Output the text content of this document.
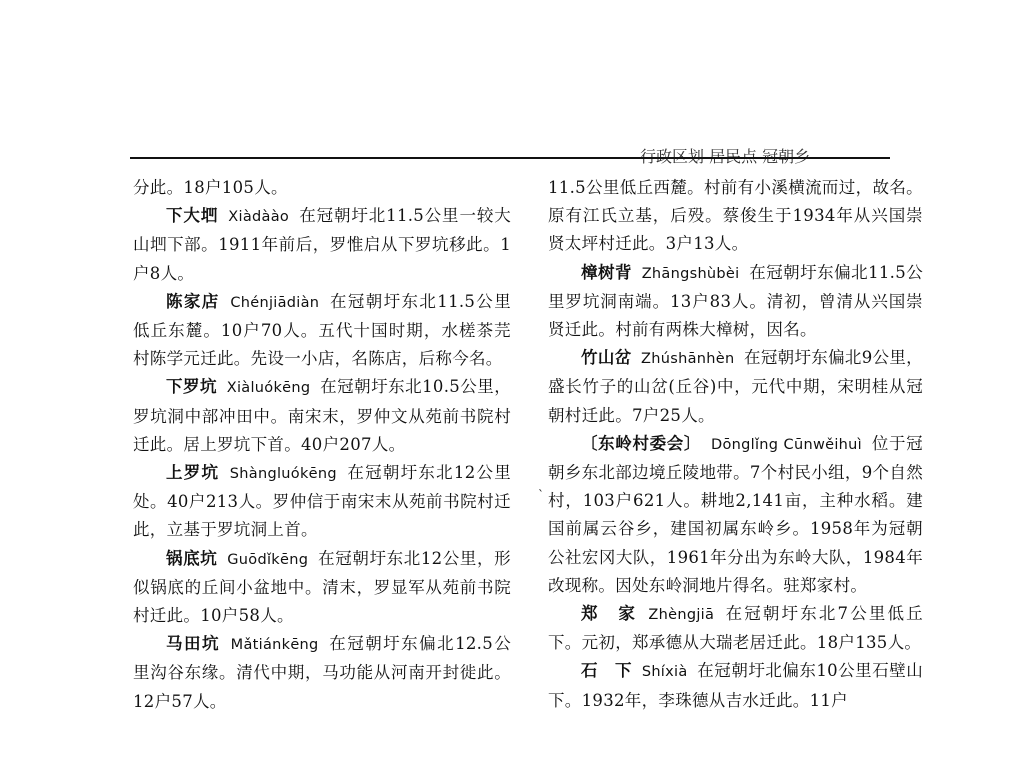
行政区划 居民点 冠朝乡

分此。18户105人。

下大垇 Xiàdàào 在冠朝圩北11.5公里一较大山垇下部。1911年前后，罗惟启从下罗坑移此。1户8人。

陈家店 Chénjiādiàn 在冠朝圩东北11.5公里低丘东麓。10户70人。五代十国时期，水槎茶芫村陈学元迁此。先设一小店，名陈店，后称今名。

下罗坑 Xiàluókēng 在冠朝圩东北10.5公里，罗坑洞中部冲田中。南宋末，罗仲文从苑前书院村迁此。居上罗坑下首。40户207人。

上罗坑 Shàngluókēng 在冠朝圩东北12公里处。40户213人。罗仲信于南宋末从苑前书院村迁此，立基于罗坑洞上首。

锅底坑 Guōdǐkēng 在冠朝圩东北12公里，形似锅底的丘间小盆地中。清末，罗显军从苑前书院村迁此。10户58人。

马田坑 Mǎtiánkēng 在冠朝圩东偏北12.5公里沟谷东缘。清代中期，马功能从河南开封徙此。12户57人。

`

11.5公里低丘西麓。村前有小溪横流而过，故名。原有江氏立基，后殁。蔡俊生于1934年从兴国崇贤太坪村迁此。3户13人。

樟树背 Zhāngshùbèi 在冠朝圩东偏北11.5公里罗坑洞南端。13户83人。清初，曾清从兴国崇贤迁此。村前有两株大樟树，因名。

竹山岔 Zhúshānhèn 在冠朝圩东偏北9公里，盛长竹子的山岔(丘谷)中，元代中期，宋明桂从冠朝村迁此。7户25人。

〔东岭村委会〕 Dōnglǐng Cūnwěihuì 位于冠朝乡东北部边境丘陵地带。7个村民小组，9个自然村，103户621人。耕地2,141亩，主种水稻。建国前属云谷乡，建国初属东岭乡。1958年为冠朝公社宏冈大队，1961年分出为东岭大队，1984年改现称。因处东岭洞地片得名。驻郑家村。

郑　家 Zhèngjiā 在冠朝圩东北7公里低丘下。元初，郑承德从大瑞老居迁此。18户135人。

石　下 Shíxià 在冠朝圩北偏东10公里石壁山下。1932年，李珠德从吉水迁此。11户
